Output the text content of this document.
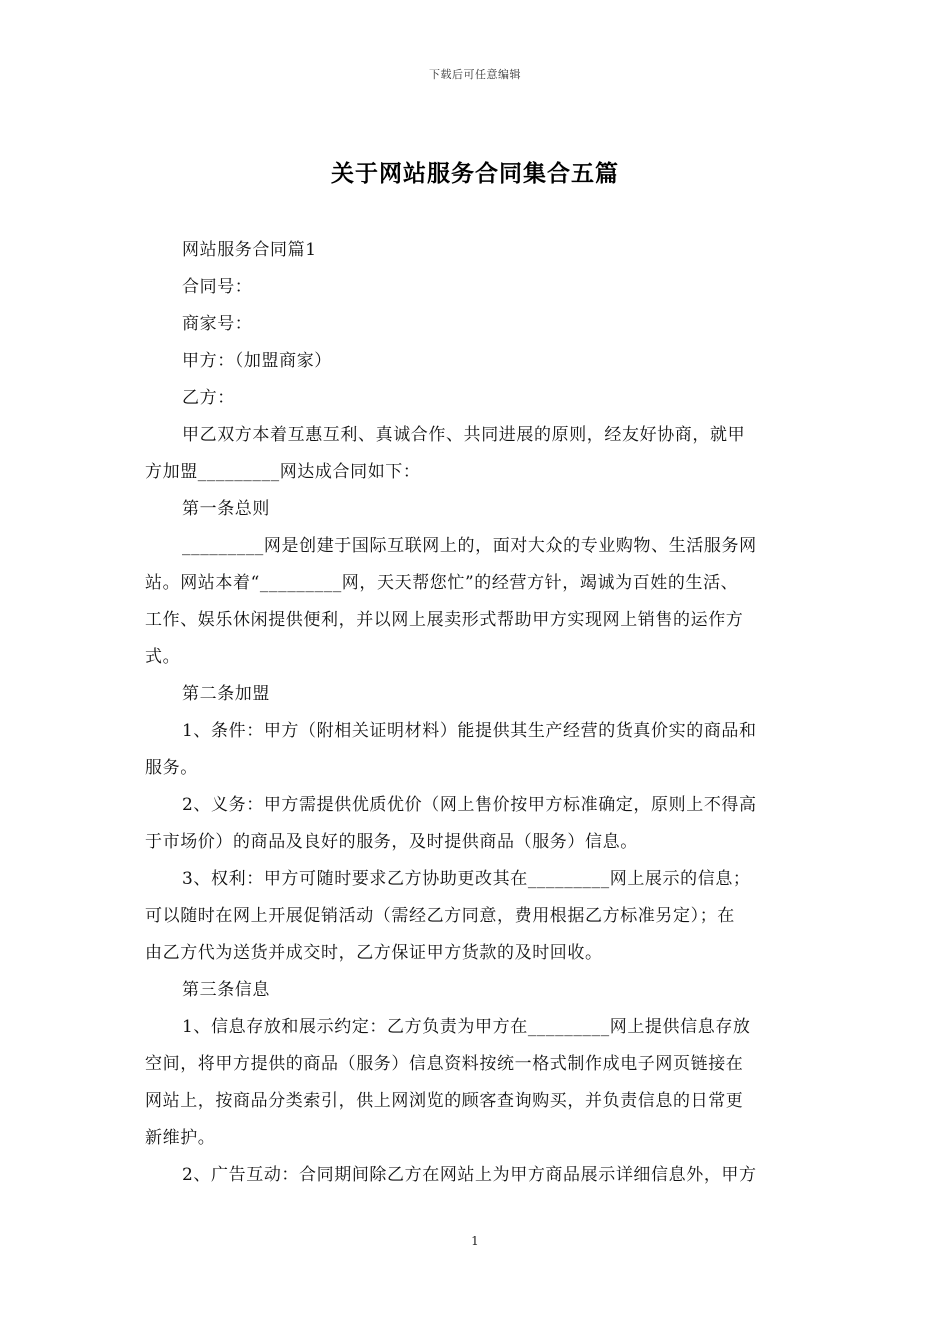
下载后可任意编辑
关于网站服务合同集合五篇
网站服务合同篇1
合同号：
商家号：
甲方：（加盟商家）
乙方：
甲乙双方本着互惠互利、真诚合作、共同进展的原则，经友好协商，就甲
方加盟_________网达成合同如下：
第一条总则
_________网是创建于国际互联网上的，面对大众的专业购物、生活服务网
站。网站本着“_________网，天天帮您忙”的经营方针，竭诚为百姓的生活、
工作、娱乐休闲提供便利，并以网上展卖形式帮助甲方实现网上销售的运作方
式。
第二条加盟
1、条件：甲方（附相关证明材料）能提供其生产经营的货真价实的商品和
服务。
2、义务：甲方需提供优质优价（网上售价按甲方标准确定，原则上不得高
于市场价）的商品及良好的服务，及时提供商品（服务）信息。
3、权利：甲方可随时要求乙方协助更改其在_________网上展示的信息；
可以随时在网上开展促销活动（需经乙方同意，费用根据乙方标准另定）；在
由乙方代为送货并成交时，乙方保证甲方货款的及时回收。
第三条信息
1、信息存放和展示约定：乙方负责为甲方在_________网上提供信息存放
空间，将甲方提供的商品（服务）信息资料按统一格式制作成电子网页链接在
网站上，按商品分类索引，供上网浏览的顾客查询购买，并负责信息的日常更
新维护。
2、广告互动：合同期间除乙方在网站上为甲方商品展示详细信息外，甲方
1
